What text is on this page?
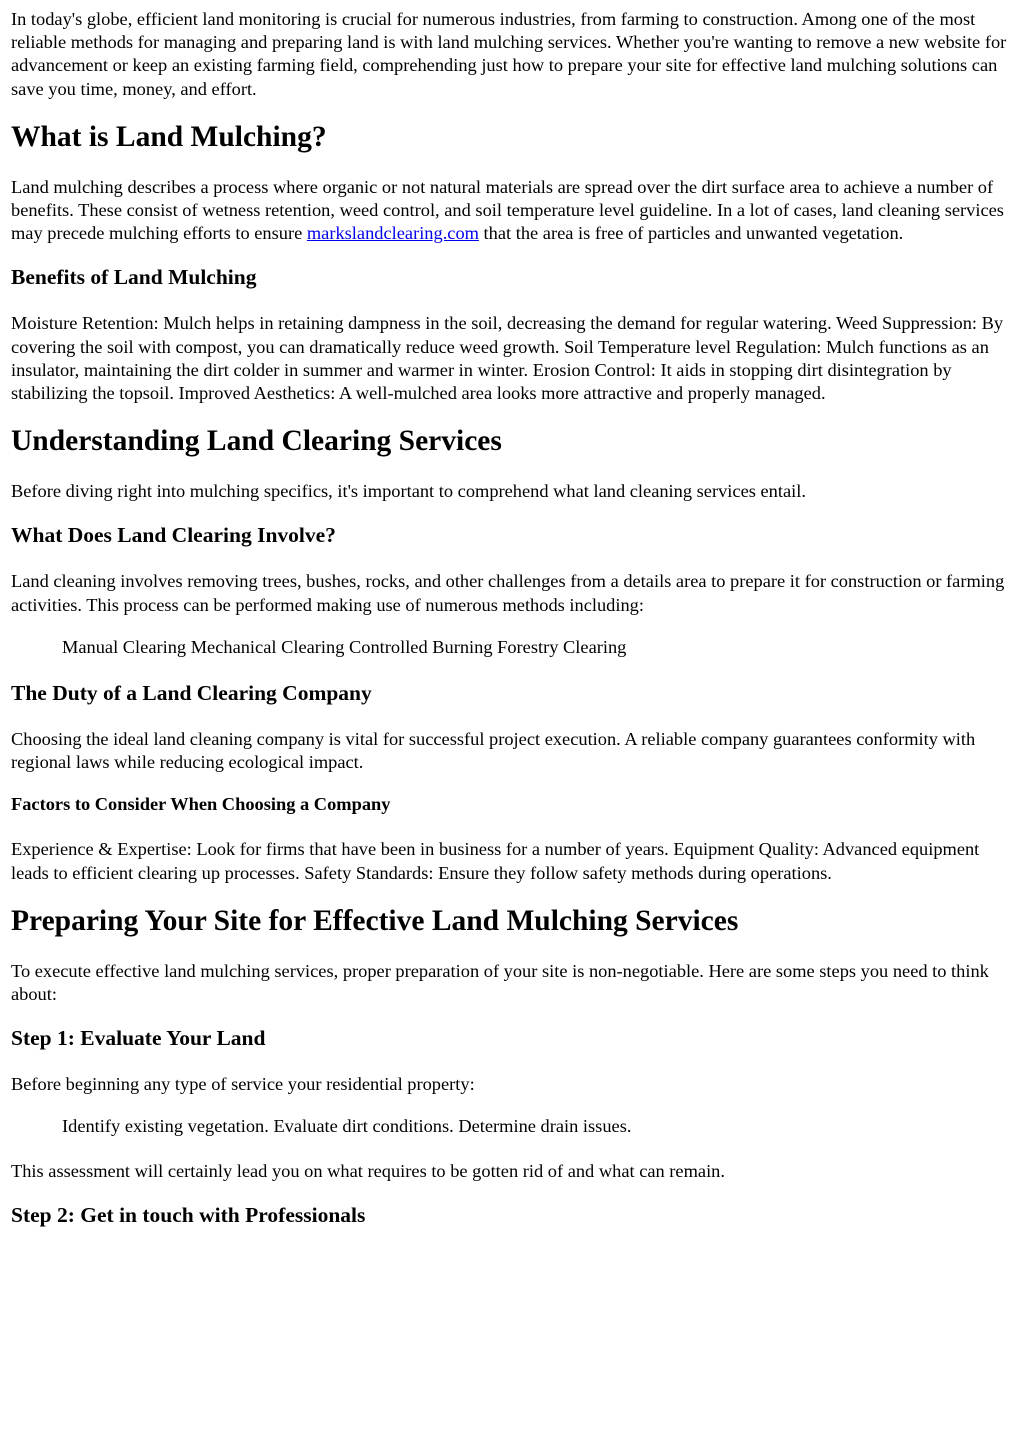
In today's globe, efficient land monitoring is crucial for numerous industries, from farming to construction. Among one of the most reliable methods for managing and preparing land is with land mulching services. Whether you're wanting to remove a new website for advancement or keep an existing farming field, comprehending just how to prepare your site for effective land mulching solutions can save you time, money, and effort.

What is Land Mulching?

Land mulching describes a process where organic or not natural materials are spread over the dirt surface area to achieve a number of benefits. These consist of wetness retention, weed control, and soil temperature level guideline. In a lot of cases, land cleaning services may precede mulching efforts to ensure markslandclearing.com that the area is free of particles and unwanted vegetation.

Benefits of Land Mulching

Moisture Retention: Mulch helps in retaining dampness in the soil, decreasing the demand for regular watering. Weed Suppression: By covering the soil with compost, you can dramatically reduce weed growth. Soil Temperature level Regulation: Mulch functions as an insulator, maintaining the dirt colder in summer and warmer in winter. Erosion Control: It aids in stopping dirt disintegration by stabilizing the topsoil. Improved Aesthetics: A well-mulched area looks more attractive and properly managed.

Understanding Land Clearing Services

Before diving right into mulching specifics, it's important to comprehend what land cleaning services entail.

What Does Land Clearing Involve?

Land cleaning involves removing trees, bushes, rocks, and other challenges from a details area to prepare it for construction or farming activities. This process can be performed making use of numerous methods including:

Manual Clearing Mechanical Clearing Controlled Burning Forestry Clearing
The Duty of a Land Clearing Company

Choosing the ideal land cleaning company is vital for successful project execution. A reliable company guarantees conformity with regional laws while reducing ecological impact.

Factors to Consider When Choosing a Company

Experience & Expertise: Look for firms that have been in business for a number of years. Equipment Quality: Advanced equipment leads to efficient clearing up processes. Safety Standards: Ensure they follow safety methods during operations.

Preparing Your Site for Effective Land Mulching Services

To execute effective land mulching services, proper preparation of your site is non-negotiable. Here are some steps you need to think about:

Step 1: Evaluate Your Land

Before beginning any type of service your residential property:

Identify existing vegetation. Evaluate dirt conditions. Determine drain issues.

This assessment will certainly lead you on what requires to be gotten rid of and what can remain.

Step 2: Get in touch with Professionals
